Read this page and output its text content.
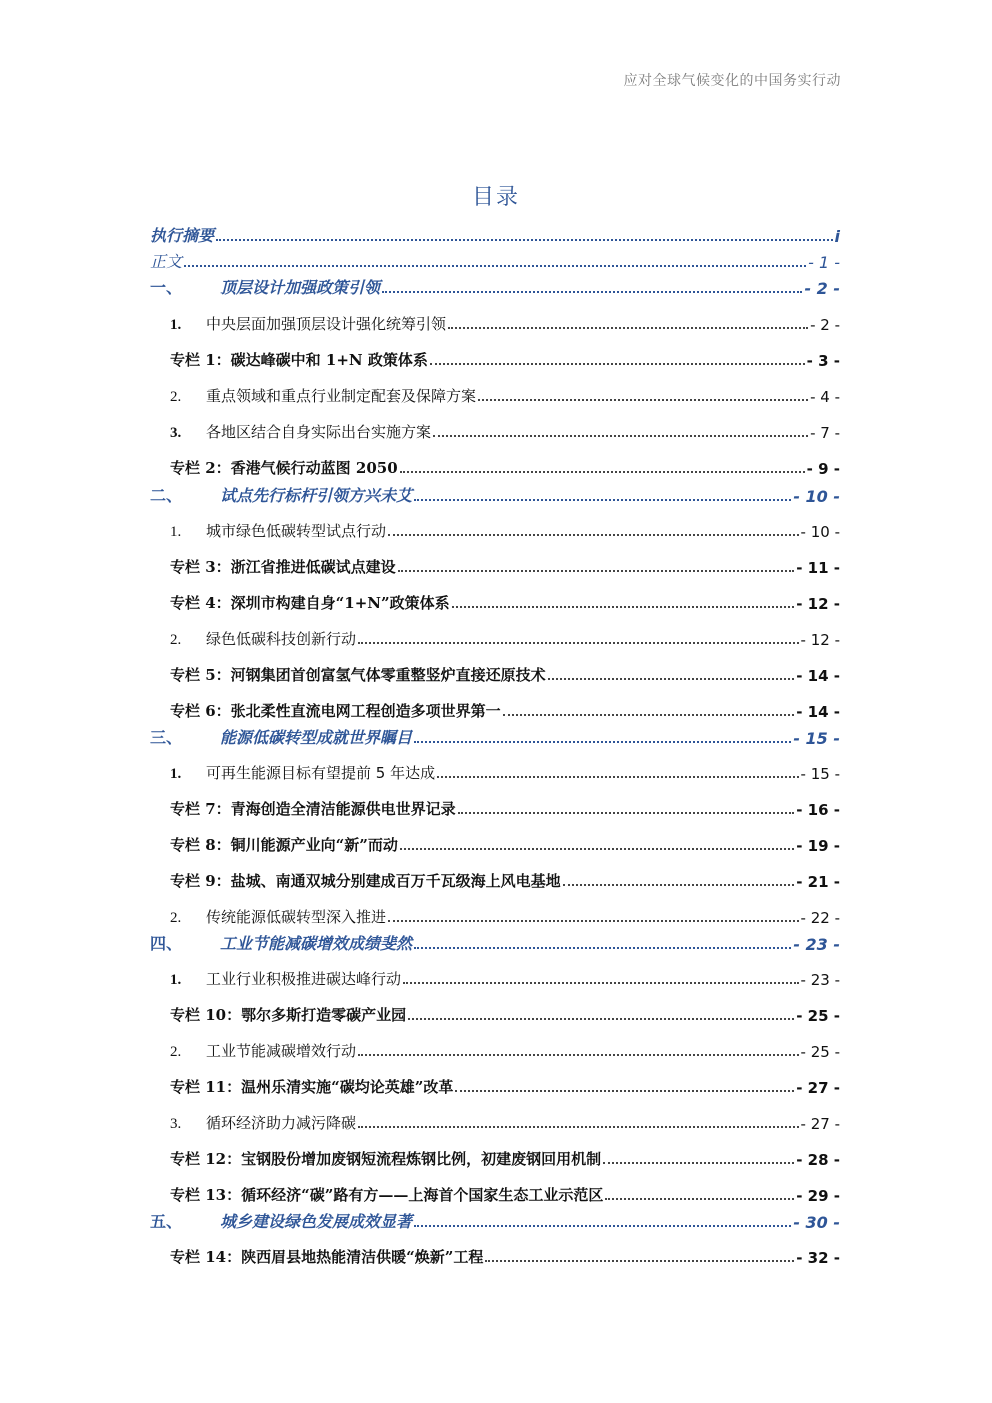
应对全球气候变化的中国务实行动
目录
执行摘要	i
正文	- 1 -
一、	顶层设计加强政策引领	- 2 -
1.	中央层面加强顶层设计强化统筹引领	- 2 -
专栏 1：碳达峰碳中和 1+N 政策体系	- 3 -
2.	重点领域和重点行业制定配套及保障方案	- 4 -
3.	各地区结合自身实际出台实施方案	- 7 -
专栏 2：香港气候行动蓝图 2050	- 9 -
二、	试点先行标杆引领方兴未艾	- 10 -
1.	城市绿色低碳转型试点行动	- 10 -
专栏 3：浙江省推进低碳试点建设	- 11 -
专栏 4：深圳市构建自身“1+N”政策体系	- 12 -
2.	绿色低碳科技创新行动	- 12 -
专栏 5：河钢集团首创富氢气体零重整竖炉直接还原技术	- 14 -
专栏 6：张北柔性直流电网工程创造多项世界第一	- 14 -
三、	能源低碳转型成就世界瞩目	- 15 -
1.	可再生能源目标有望提前 5 年达成	- 15 -
专栏 7：青海创造全清洁能源供电世界记录	- 16 -
专栏 8：铜川能源产业向“新”而动	- 19 -
专栏 9：盐城、南通双城分别建成百万千瓦级海上风电基地	- 21 -
2.	传统能源低碳转型深入推进	- 22 -
四、	工业节能减碳增效成绩斐然	- 23 -
1.	工业行业积极推进碳达峰行动	- 23 -
专栏 10：鄂尔多斯打造零碳产业园	- 25 -
2.	工业节能减碳增效行动	- 25 -
专栏 11：温州乐清实施“碳均论英雄”改革	- 27 -
3.	循环经济助力减污降碳	- 27 -
专栏 12：宝钢股份增加废钢短流程炼钢比例，初建废钢回用机制	- 28 -
专栏 13：循环经济“碳”路有方——上海首个国家生态工业示范区	- 29 -
五、	城乡建设绿色发展成效显著	- 30 -
专栏 14：陕西眉县地热能清洁供暖“焕新”工程	- 32 -
